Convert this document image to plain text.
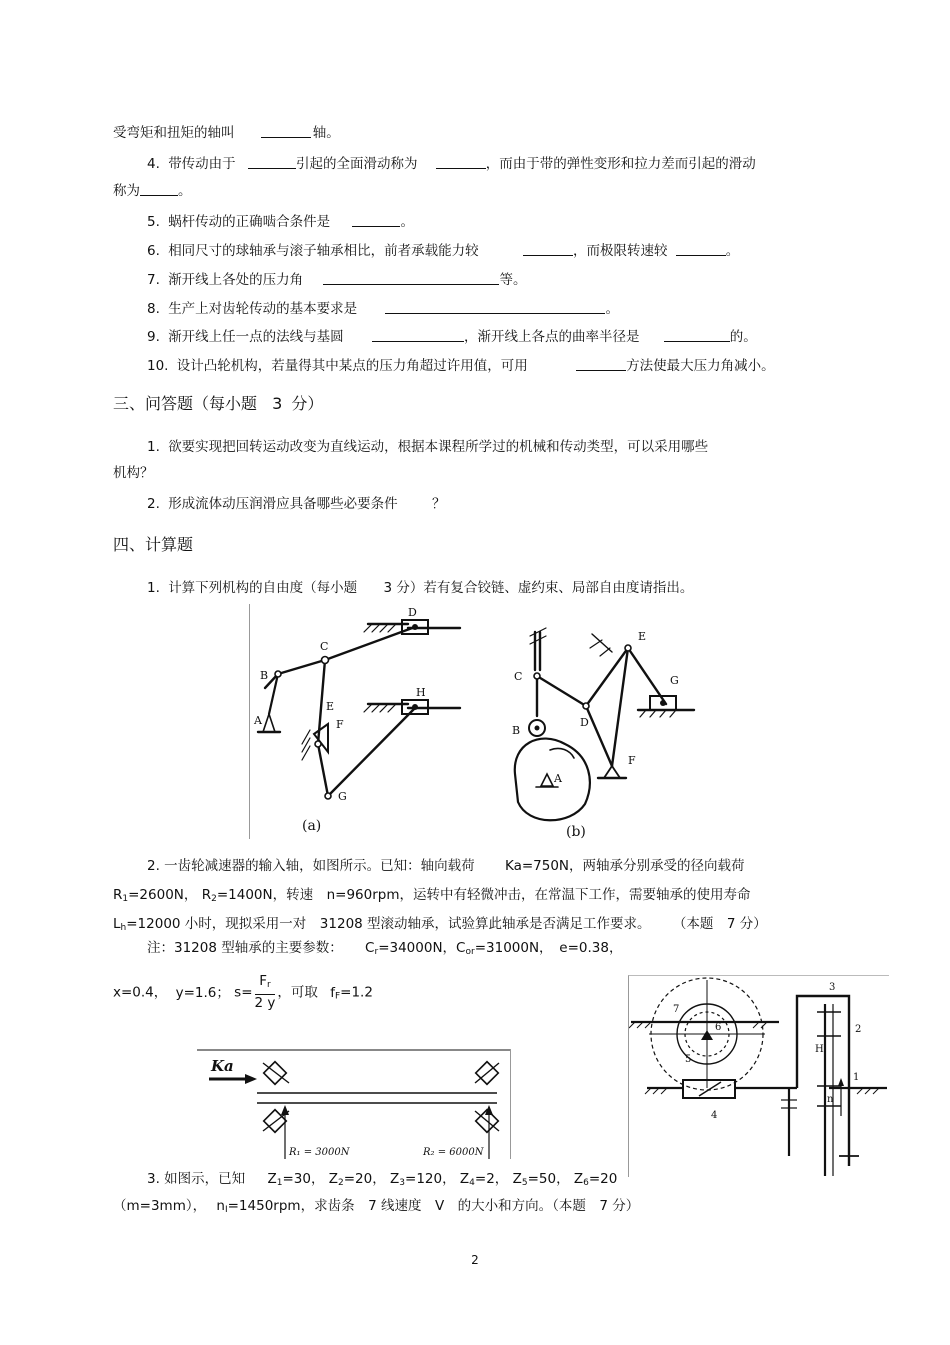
受弯矩和扭矩的轴叫	轴。
4. 带传动由于	引起的全面滑动称为	，而由于带的弹性变形和拉力差而引起的滑动
称为	。
5. 蜗杆传动的正确啮合条件是	。
6. 相同尺寸的球轴承与滚子轴承相比，前者承载能力较	，而极限转速较	。
7. 渐开线上各处的压力角	等。
8. 生产上对齿轮传动的基本要求是	。
9. 渐开线上任一点的法线与基圆	，渐开线上各点的曲率半径是	的。
10. 设计凸轮机构，若量得其中某点的压力角超过许用值，可用	方法使最大压力角减小。
三、问答题（每小题 3 分）
1. 欲要实现把回转运动改变为直线运动，根据本课程所学过的机械和传动类型，可以采用哪些
机构？
2. 形成流体动压润滑应具备哪些必要条件	？
四、计算题
1. 计算下列机构的自由度（每小题 3 分）若有复合铰链、虚约束、局部自由度请指出。
D
C
B
A
E
H
F
G
(a)
C
B
D
E
G
A
F
(b)
2. 一齿轮减速器的输入轴，如图所示。已知：轴向载荷 Ka=750N，两轴承分别承受的径向载荷
$R_1=2600N$， $R_2=1400N$，转速　n=960rpm，运转中有轻微冲击，在常温下工作，需要轴承的使用寿命
$L_h=12000$ 小时，现拟采用一对　31208 型滚动轴承，试验算此轴承是否满足工作要求。 （本题　7 分）
注：31208 型轴承的主要参数： $C_r=34000N$，$C_{or}=31000N$，　e=0.38，
x=0.4， y=1.6； $s= \frac{F_r}{2 y}$ ，可取 $f_F=1.2$
Ka
R₁ = 3000N	R₂ = 6000N
7
6
5
4
3
2
1
H
n
3. 如图示，已知 $Z_1=30$， $Z_2=20$， $Z_3=120$， $Z_4=2$， $Z_5=50$， $Z_6=20$
（m=3mm）， $n_I=1450rpm$，求齿条　7 线速度　V　的大小和方向。（本题　7 分）
2
